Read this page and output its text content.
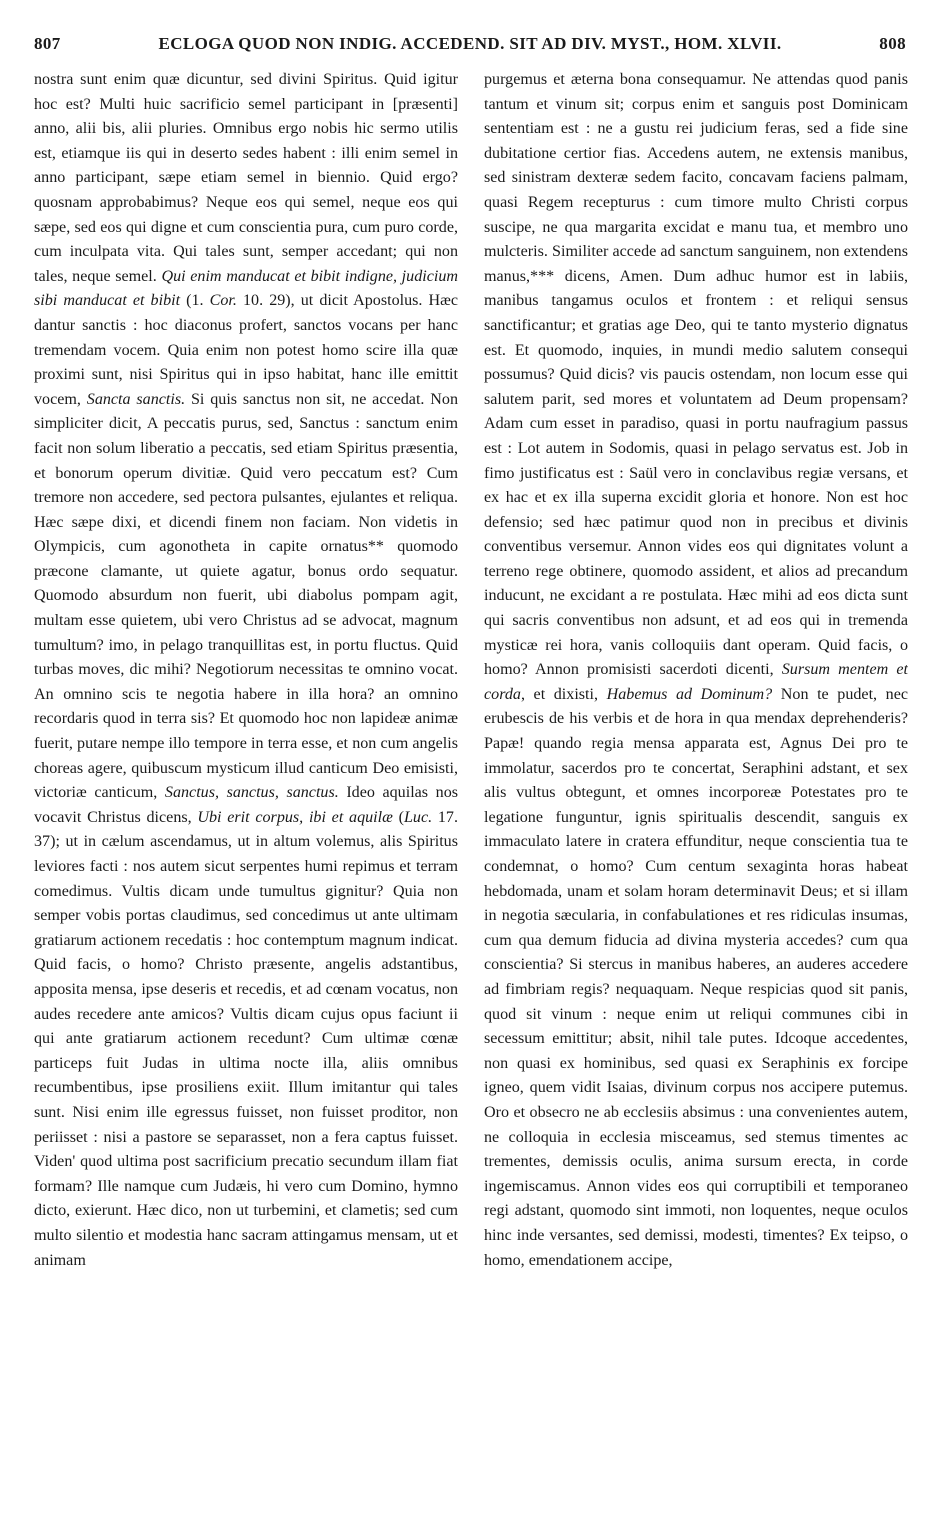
807	ECLOGA QUOD NON INDIG. ACCEDEND. SIT AD DIV. MYST., HOM. XLVII.	808

nostra sunt enim quæ dicuntur, sed divini Spiritus. Quid igitur hoc est? Multi huic sacrificio semel participant in [præsenti] anno, alii bis, alii pluries. Omnibus ergo nobis hic sermo utilis est, etiamque iis qui in deserto sedes habent : illi enim semel in anno participant, sæpe etiam semel in biennio. Quid ergo? quosnam approbabimus? Neque eos qui semel, neque eos qui sæpe, sed eos qui digne et cum conscientia pura, cum puro corde, cum inculpata vita. Qui tales sunt, semper accedant; qui non tales, neque semel. Qui enim manducat et bibit indigne, judicium sibi manducat et bibit (1. Cor. 10. 29), ut dicit Apostolus. Hæc dantur sanctis : hoc diaconus profert, sanctos vocans per hanc tremendam vocem. Quia enim non potest homo scire illa quæ proximi sunt, nisi Spiritus qui in ipso habitat, hanc ille emittit vocem, Sancta sanctis. Si quis sanctus non sit, ne accedat. Non simpliciter dicit, A peccatis purus, sed, Sanctus : sanctum enim facit non solum liberatio a peccatis, sed etiam Spiritus præsentia, et bonorum operum divitiæ. Quid vero peccatum est? Cum tremore non accedere, sed pectora pulsantes, ejulantes et reliqua. Hæc sæpe dixi, et dicendi finem non faciam. Non videtis in Olympicis, cum agonotheta in capite ornatus** quomodo præcone clamante, ut quiete agatur, bonus ordo sequatur. Quomodo absurdum non fuerit, ubi diabolus pompam agit, multam esse quietem, ubi vero Christus ad se advocat, magnum tumultum? imo, in pelago tranquillitas est, in portu fluctus. Quid turbas moves, dic mihi? Negotiorum necessitas te omnino vocat. An omnino scis te negotia habere in illa hora? an omnino recordaris quod in terra sis? Et quomodo hoc non lapideæ animæ fuerit, putare nempe illo tempore in terra esse, et non cum angelis choreas agere, quibuscum mysticum illud canticum Deo emisisti, victoriæ canticum, Sanctus, sanctus, sanctus. Ideo aquilas nos vocavit Christus dicens, Ubi erit corpus, ibi et aquilæ (Luc. 17. 37); ut in cælum ascendamus, ut in altum volemus, alis Spiritus leviores facti : nos autem sicut serpentes humi repimus et terram comedimus. Vultis dicam unde tumultus gignitur? Quia non semper vobis portas claudimus, sed concedimus ut ante ultimam gratiarum actionem recedatis : hoc contemptum magnum indicat. Quid facis, o homo? Christo præsente, angelis adstantibus, apposita mensa, ipse deseris et recedis, et ad cœnam vocatus, non audes recedere ante amicos? Vultis dicam cujus opus faciunt ii qui ante gratiarum actionem recedunt? Cum ultimæ cœnæ particeps fuit Judas in ultima nocte illa, aliis omnibus recumbentibus, ipse prosiliens exiit. Illum imitantur qui tales sunt. Nisi enim ille egressus fuisset, non fuisset proditor, non periisset : nisi a pastore se separasset, non a fera captus fuisset. Viden' quod ultima post sacrificium precatio secundum illam fiat formam? Ille namque cum Judæis, hi vero cum Domino, hymno dicto, exierunt. Hæc dico, non ut turbemini, et clametis; sed cum multo silentio et modestia hanc sacram attingamus mensam, ut et animam

purgemus et æterna bona consequamur. Ne attendas quod panis tantum et vinum sit; corpus enim et sanguis post Dominicam sententiam est : ne a gustu rei judicium feras, sed a fide sine dubitatione certior fias. Accedens autem, ne extensis manibus, sed sinistram dexteræ sedem facito, concavam faciens palmam, quasi Regem recepturus : cum timore multo Christi corpus suscipe, ne qua margarita excidat e manu tua, et membro uno mulcteris. Similiter accede ad sanctum sanguinem, non extendens manus,*** dicens, Amen. Dum adhuc humor est in labiis, manibus tangamus oculos et frontem : et reliqui sensus sanctificantur; et gratias age Deo, qui te tanto mysterio dignatus est. Et quomodo, inquies, in mundi medio salutem consequi possumus? Quid dicis? vis paucis ostendam, non locum esse qui salutem parit, sed mores et voluntatem ad Deum propensam? Adam cum esset in paradiso, quasi in portu naufragium passus est : Lot autem in Sodomis, quasi in pelago servatus est. Job in fimo justificatus est : Saül vero in conclavibus regiæ versans, et ex hac et ex illa superna excidit gloria et honore. Non est hoc defensio; sed hæc patimur quod non in precibus et divinis conventibus versemur. Annon vides eos qui dignitates volunt a terreno rege obtinere, quomodo assident, et alios ad precandum inducunt, ne excidant a re postulata. Hæc mihi ad eos dicta sunt qui sacris conventibus non adsunt, et ad eos qui in tremenda mysticæ rei hora, vanis colloquiis dant operam. Quid facis, o homo? Annon promisisti sacerdoti dicenti, Sursum mentem et corda, et dixisti, Habemus ad Dominum? Non te pudet, nec erubescis de his verbis et de hora in qua mendax deprehenderis? Papæ! quando regia mensa apparata est, Agnus Dei pro te immolatur, sacerdos pro te concertat, Seraphini adstant, et sex alis vultus obtegunt, et omnes incorporeæ Potestates pro te legatione funguntur, ignis spiritualis descendit, sanguis ex immaculato latere in cratera effunditur, neque conscientia tua te condemnat, o homo? Cum centum sexaginta horas habeat hebdomada, unam et solam horam determinavit Deus; et si illam in negotia sæcularia, in confabulationes et res ridiculas insumas, cum qua demum fiducia ad divina mysteria accedes? cum qua conscientia? Si stercus in manibus haberes, an auderes accedere ad fimbriam regis? nequaquam. Neque respicias quod sit panis, quod sit vinum : neque enim ut reliqui communes cibi in secessum emittitur; absit, nihil tale putes. Idcoque accedentes, non quasi ex hominibus, sed quasi ex Seraphinis ex forcipe igneo, quem vidit Isaias, divinum corpus nos accipere putemus. Oro et obsecro ne ab ecclesiis absimus : una convenientes autem, ne colloquia in ecclesia misceamus, sed stemus timentes ac trementes, demissis oculis, anima sursum erecta, in corde ingemiscamus. Annon vides eos qui corruptibili et temporaneo regi adstant, quomodo sint immoti, non loquentes, neque oculos hinc inde versantes, sed demissi, modesti, timentes? Ex teipso, o homo, emendationem accipe,
